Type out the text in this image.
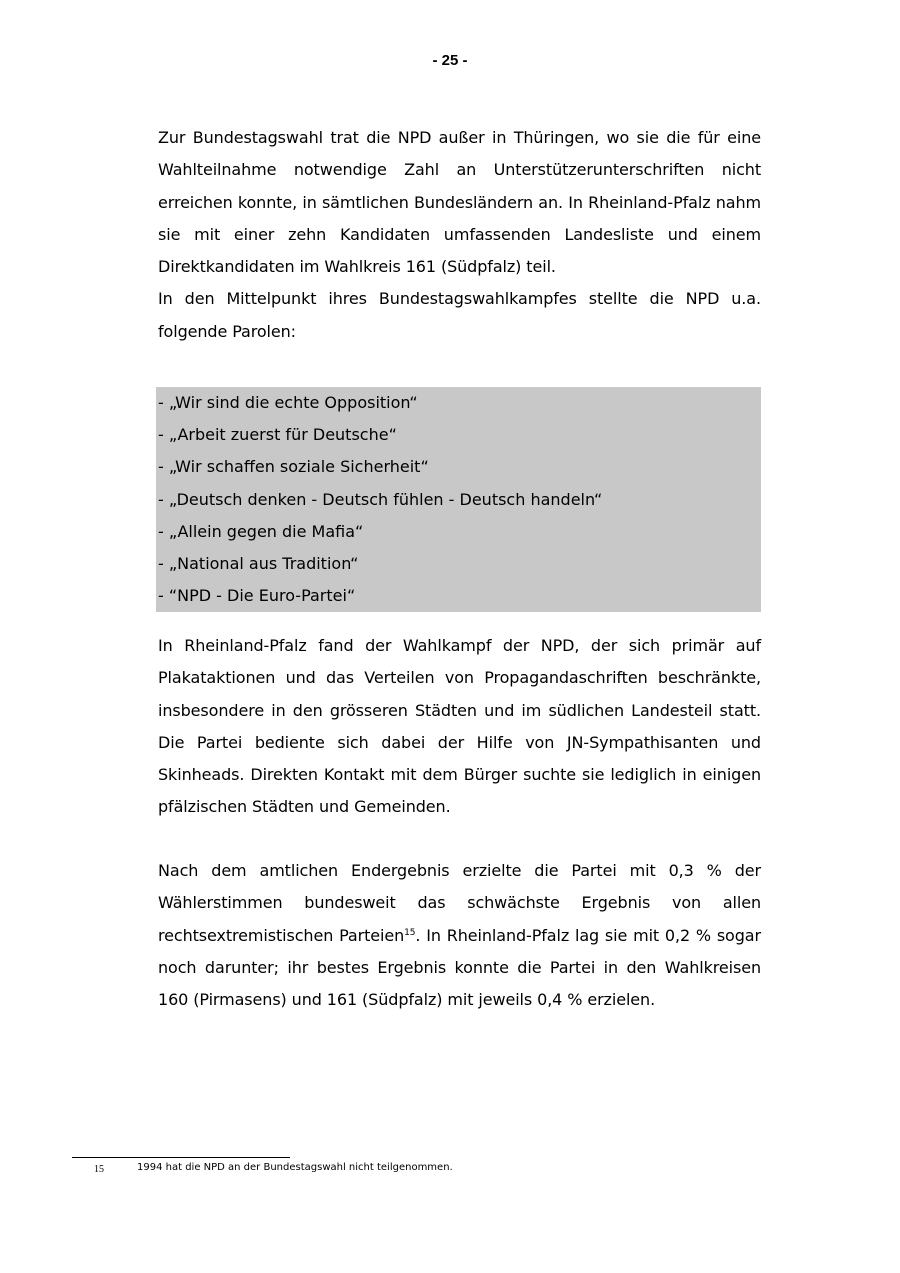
- 25 -

Zur Bundestagswahl trat die NPD außer in Thüringen, wo sie die für eine Wahlteilnahme notwendige Zahl an Unterstützerunterschriften nicht erreichen konnte, in sämtlichen Bundesländern an. In Rheinland-Pfalz nahm sie mit einer zehn Kandidaten umfassenden Landesliste und einem Direktkandidaten im Wahlkreis 161 (Südpfalz) teil.

In den Mittelpunkt ihres Bundestagswahlkampfes stellte die NPD u.a. folgende Parolen:

- „Wir sind die echte Opposition“
- „Arbeit zuerst für Deutsche“
- „Wir schaffen soziale Sicherheit“
- „Deutsch denken - Deutsch fühlen - Deutsch handeln“
- „Allein gegen die Mafia“
- „National aus Tradition“
- “NPD - Die Euro-Partei“

In Rheinland-Pfalz fand der Wahlkampf der NPD, der sich primär auf Plakataktionen und das Verteilen von Propagandaschriften beschränkte, insbesondere in den grösseren Städten und im südlichen Landesteil statt. Die Partei bediente sich dabei der Hilfe von JN-Sympathisanten und Skinheads. Direkten Kontakt mit dem Bürger suchte sie lediglich in einigen pfälzischen Städten und Gemeinden.

Nach dem amtlichen Endergebnis erzielte die Partei mit 0,3 % der Wählerstimmen bundesweit das schwächste Ergebnis von allen rechtsextremistischen Parteien$^{15}$. In Rheinland-Pfalz lag sie mit 0,2 % sogar noch darunter; ihr bestes Ergebnis konnte die Partei in den Wahlkreisen 160 (Pirmasens) und 161 (Südpfalz) mit jeweils 0,4 % erzielen.

15	1994 hat die NPD an der Bundestagswahl nicht teilgenommen.
